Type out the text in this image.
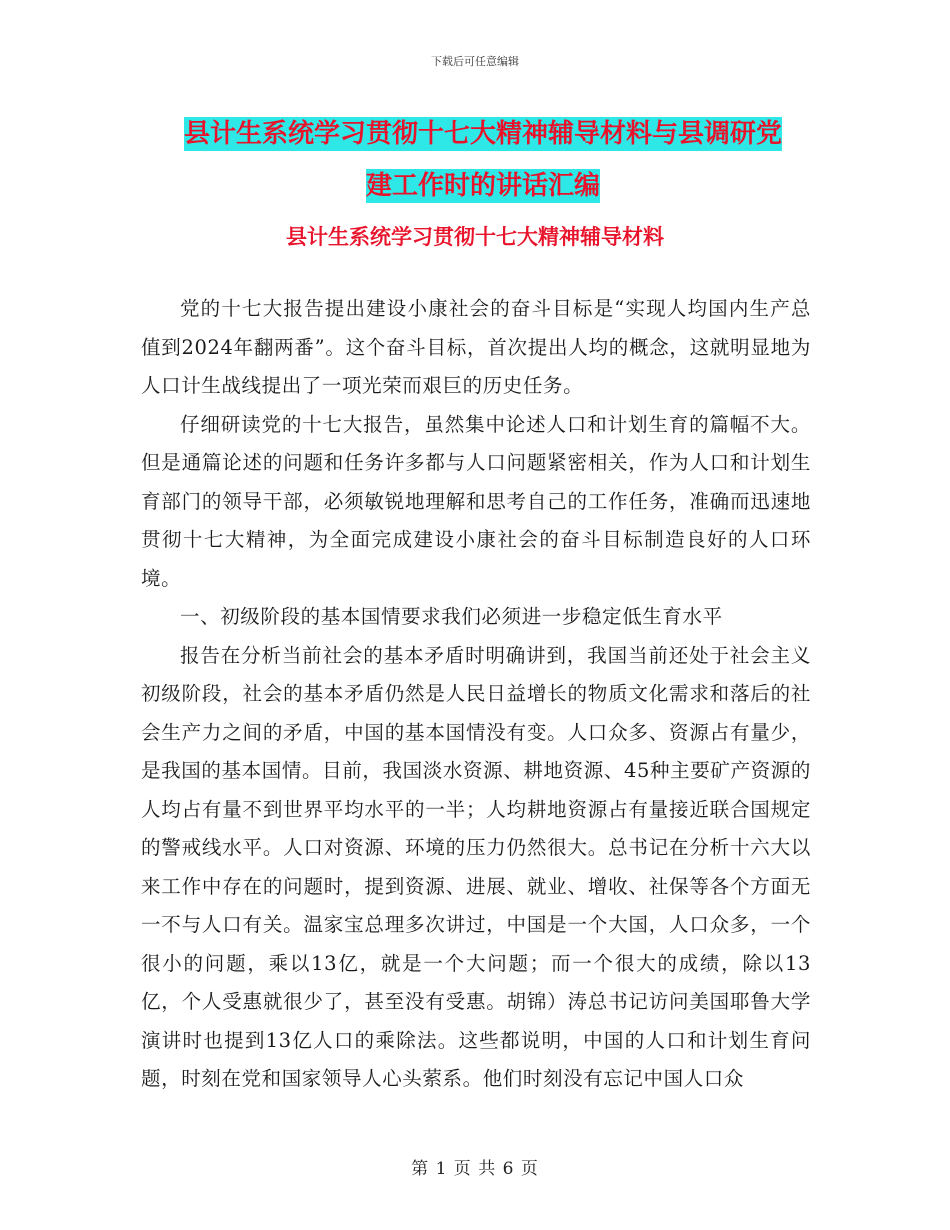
下载后可任意编辑
县计生系统学习贯彻十七大精神辅导材料与县调研党
建工作时的讲话汇编
县计生系统学习贯彻十七大精神辅导材料

党的十七大报告提出建设小康社会的奋斗目标是“实现人均国内生产总值到2024年翻两番”。这个奋斗目标，首次提出人均的概念，这就明显地为人口计生战线提出了一项光荣而艰巨的历史任务。

仔细研读党的十七大报告，虽然集中论述人口和计划生育的篇幅不大。但是通篇论述的问题和任务许多都与人口问题紧密相关，作为人口和计划生育部门的领导干部，必须敏锐地理解和思考自己的工作任务，准确而迅速地贯彻十七大精神，为全面完成建设小康社会的奋斗目标制造良好的人口环境。

一、初级阶段的基本国情要求我们必须进一步稳定低生育水平

报告在分析当前社会的基本矛盾时明确讲到，我国当前还处于社会主义初级阶段，社会的基本矛盾仍然是人民日益增长的物质文化需求和落后的社会生产力之间的矛盾，中国的基本国情没有变。人口众多、资源占有量少，是我国的基本国情。目前，我国淡水资源、耕地资源、45种主要矿产资源的人均占有量不到世界平均水平的一半；人均耕地资源占有量接近联合国规定的警戒线水平。人口对资源、环境的压力仍然很大。总书记在分析十六大以来工作中存在的问题时，提到资源、进展、就业、增收、社保等各个方面无一不与人口有关。温家宝总理多次讲过，中国是一个大国，人口众多，一个很小的问题，乘以13亿，就是一个大问题；而一个很大的成绩，除以13亿，个人受惠就很少了，甚至没有受惠。胡锦）涛总书记访问美国耶鲁大学演讲时也提到13亿人口的乘除法。这些都说明，中国的人口和计划生育问题，时刻在党和国家领导人心头萦系。他们时刻没有忘记中国人口众

第 1 页 共 6 页
